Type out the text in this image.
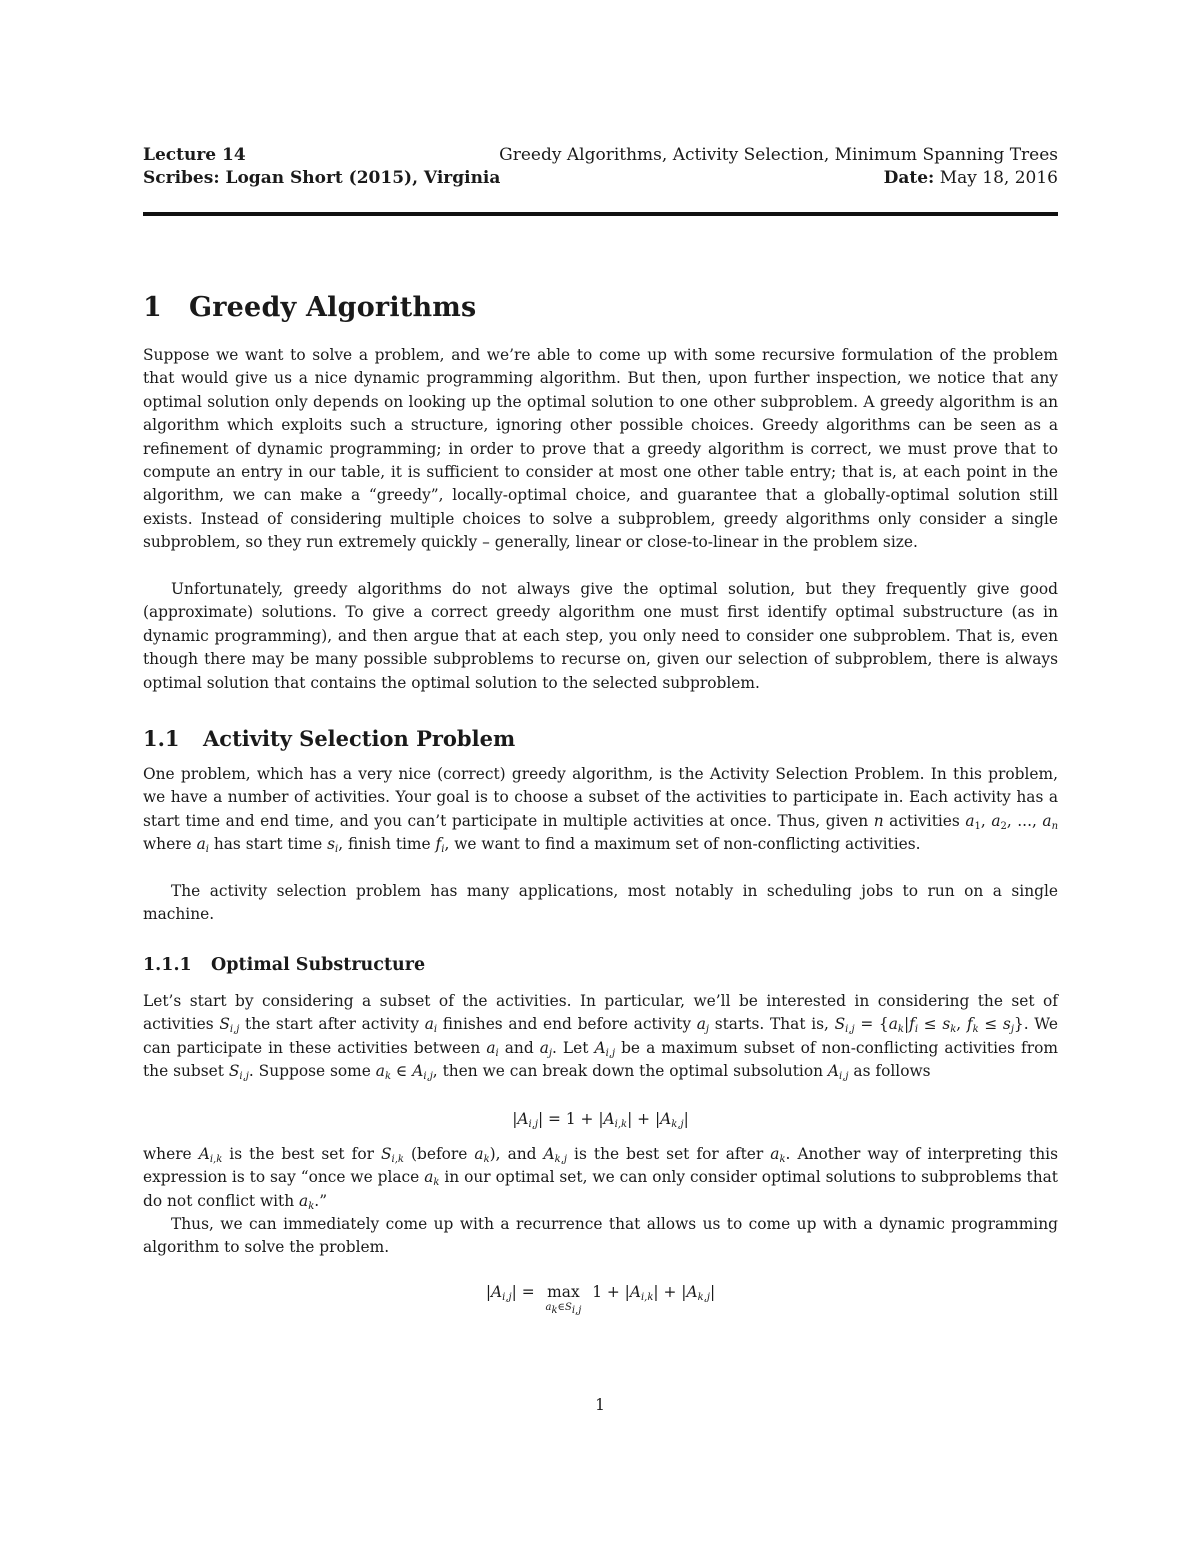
Lecture 14	Greedy Algorithms, Activity Selection, Minimum Spanning Trees
Scribes: Logan Short (2015), Virginia	Date: May 18, 2016
1 Greedy Algorithms

Suppose we want to solve a problem, and we’re able to come up with some recursive formulation of the problem that would give us a nice dynamic programming algorithm. But then, upon further inspection, we notice that any optimal solution only depends on looking up the optimal solution to one other subproblem. A greedy algorithm is an algorithm which exploits such a structure, ignoring other possible choices. Greedy algorithms can be seen as a refinement of dynamic programming; in order to prove that a greedy algorithm is correct, we must prove that to compute an entry in our table, it is sufficient to consider at most one other table entry; that is, at each point in the algorithm, we can make a “greedy”, locally-optimal choice, and guarantee that a globally-optimal solution still exists. Instead of considering multiple choices to solve a subproblem, greedy algorithms only consider a single subproblem, so they run extremely quickly – generally, linear or close-to-linear in the problem size.

Unfortunately, greedy algorithms do not always give the optimal solution, but they frequently give good (approximate) solutions. To give a correct greedy algorithm one must first identify optimal substructure (as in dynamic programming), and then argue that at each step, you only need to consider one subproblem. That is, even though there may be many possible subproblems to recurse on, given our selection of subproblem, there is always optimal solution that contains the optimal solution to the selected subproblem.

1.1 Activity Selection Problem

One problem, which has a very nice (correct) greedy algorithm, is the Activity Selection Problem. In this problem, we have a number of activities. Your goal is to choose a subset of the activities to participate in. Each activity has a start time and end time, and you can’t participate in multiple activities at once. Thus, given n activities $a_1$, $a_2$, ..., $a_n$ where $a_i$ has start time $s_i$, finish time $f_i$, we want to find a maximum set of non-conflicting activities.

The activity selection problem has many applications, most notably in scheduling jobs to run on a single machine.

1.1.1 Optimal Substructure

Let’s start by considering a subset of the activities. In particular, we’ll be interested in considering the set of activities $S_{i,j}$ the start after activity $a_i$ finishes and end before activity $a_j$ starts. That is, $S_{i,j} = \{a_k|f_i \le s_k$, $f_k \le s_j$}. We can participate in these activities between $a_i$ and $a_j$. Let $A_{i,j}$ be a maximum subset of non-conflicting activities from the subset $S_{i,j}$. Suppose some $a_k$ ∈ $A_{i,j}$, then we can break down the optimal subsolution $A_{i,j}$ as follows

$|A_{i,j}| = 1 + |A_{i,k}| + |A_{k,j}|$

where $A_{i,k}$ is the best set for $S_{i,k}$ (before $a_k$), and $A_{k,j}$ is the best set for after $a_k$. Another way of interpreting this expression is to say “once we place $a_k$ in our optimal set, we can only consider optimal solutions to subproblems that do not conflict with $a_k$.”

Thus, we can immediately come up with a recurrence that allows us to come up with a dynamic programming algorithm to solve the problem.

$|A_{i,j}| = \max$
$a_k\in S_{i,j}$
$1 + |A_{i,k}| + |A_{k,j}|$
1
